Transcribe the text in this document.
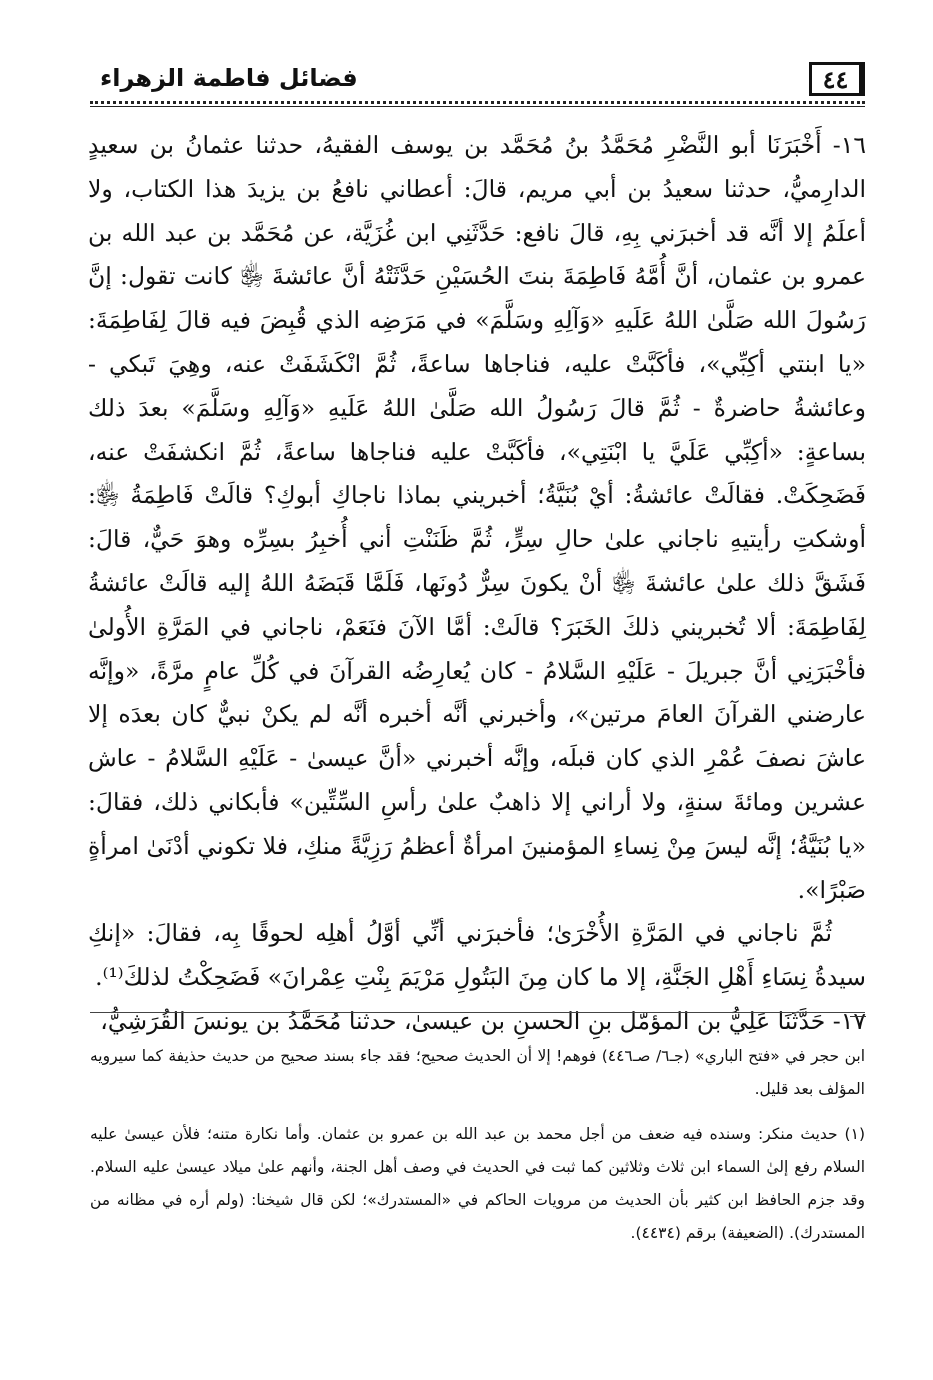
٤٤
فضائل فاطمة الزهراء

١٦- أَخْبَرَنَا أبو النَّضْرِ مُحَمَّدُ بنُ مُحَمَّد بن يوسف الفقيهُ، حدثنا عثمانُ بن سعيدٍ الدارِميُّ، حدثنا سعيدُ بن أبي مريم، قالَ: أعطاني نافعُ بن يزيدَ هذا الكتاب، ولا أعلَمُ إلا أنَّه قد أخبرَني بِهِ، قالَ نافع: حَدَّثَنِي ابن غُزَيَّة، عن مُحَمَّد بن عبد الله بن عمرو بن عثمان، أنَّ أُمَّهُ فَاطِمَةَ بنتَ الحُسَيْنِ حَدَّثَتْهُ أنَّ عائشةَ ﵂ كانت تقول: إنَّ رَسُولَ الله صَلَّىٰ اللهُ عَلَيهِ «وَآلِهِ وسَلَّمَ» في مَرَضِه الذي قُبِضَ فيه قالَ لِفَاطِمَةَ: «يا ابنتي أكِبِّي»، فأكَبَّتْ عليه، فناجاها ساعةً، ثُمَّ انْكَشَفَتْ عنه، وهِيَ تَبكي - وعائشةُ حاضرةٌ - ثُمَّ قالَ رَسُولُ الله صَلَّىٰ اللهُ عَلَيهِ «وَآلِهِ وسَلَّمَ» بعدَ ذلك بساعةٍ: «أكِبِّي عَلَيَّ يا ابْنَتِي»، فأكَبَّتْ عليه فناجاها ساعةً، ثُمَّ انكشفَتْ عنه، فَضَحِكَتْ. فقالَتْ عائشةُ: أيْ بُنَيَّةُ؛ أخبريني بماذا ناجاكِ أبوكِ؟ قالَتْ فَاطِمَةُ ﵂: أوشكتِ رأيتيهِ ناجاني علىٰ حالِ سِرٍّ، ثُمَّ ظَنَنْتِ أني أُخبِرُ بسِرِّه وهوَ حَيٌّ، قالَ: فَشَقَّ ذلك علىٰ عائشةَ ﵂ أنْ يكونَ سِرٌّ دُونَها، فَلَمَّا قَبَضَهُ اللهُ إليه قالَتْ عائشةُ لِفَاطِمَةَ: ألا تُخبريني ذلكَ الخَبَرَ؟ قالَتْ: أمَّا الآنَ فنَعَمْ، ناجاني في المَرَّةِ الأُولىٰ فأخْبَرَنِي أنَّ جبريلَ - عَلَيْهِ السَّلامُ - كان يُعارِضُه القرآنَ في كُلِّ عامٍ مرَّةً، «وإنَّه عارضني القرآنَ العامَ مرتين»، وأخبرني أنَّه أخبره أنَّه لم يكنْ نبيٌّ كان بعدَه إلا عاشَ نصفَ عُمْرِ الذي كان قبلَه، وإنَّه أخبرني «أنَّ عيسىٰ - عَلَيْهِ السَّلامُ - عاش عشرين ومائةَ سنةٍ، ولا أراني إلا ذاهبٌ علىٰ رأسِ السِّتِّين» فأبكاني ذلك، فقالَ: «يا بُنَيَّةُ؛ إنَّه ليسَ مِنْ نِساءِ المؤمنينَ امرأةٌ أعظمُ رَزِيَّةً منكِ، فلا تكوني أدْنَىٰ امرأةٍ صَبْرًا».

ثُمَّ ناجاني في المَرَّةِ الأُخْرَىٰ؛ فأخبرَني أنِّي أوَّلُ أهلِه لحوقًا بِه، فقالَ: «إنكِ سيدةُ نِسَاءِ أَهْلِ الجَنَّةِ، إلا ما كان مِنَ البَتُولِ مَرْيَمَ بِنْتِ عِمْرانَ» فَضَحِكْتُ لذلكَ⁽¹⁾.

١٧- حَدَّثَنَا عَلِيُّ بن المؤمّل بنِ الحسنِ بن عيسىٰ، حدثنا مُحَمَّدُ بن يونسَ القُرَشِيُّ،

ابن حجر في «فتح الباري» (جـ٦/ صـ٤٤٦) فوهم! إلا أن الحديث صحيح؛ فقد جاء بسند صحيح من حديث حذيفة كما سيرويه المؤلف بعد قليل.

(١) حديث منكر: وسنده فيه ضعف من أجل محمد بن عبد الله بن عمرو بن عثمان. وأما نكارة متنه؛ فلأن عيسىٰ عليه السلام رفع إلىٰ السماء ابن ثلاث وثلاثين كما ثبت في الحديث في وصف أهل الجنة، وأنهم علىٰ ميلاد عيسىٰ عليه السلام. وقد جزم الحافظ ابن كثير بأن الحديث من مرويات الحاكم في «المستدرك»؛ لكن قال شيخنا: (ولم أره في مظانه من المستدرك). (الضعيفة) برقم (٤٤٣٤).
